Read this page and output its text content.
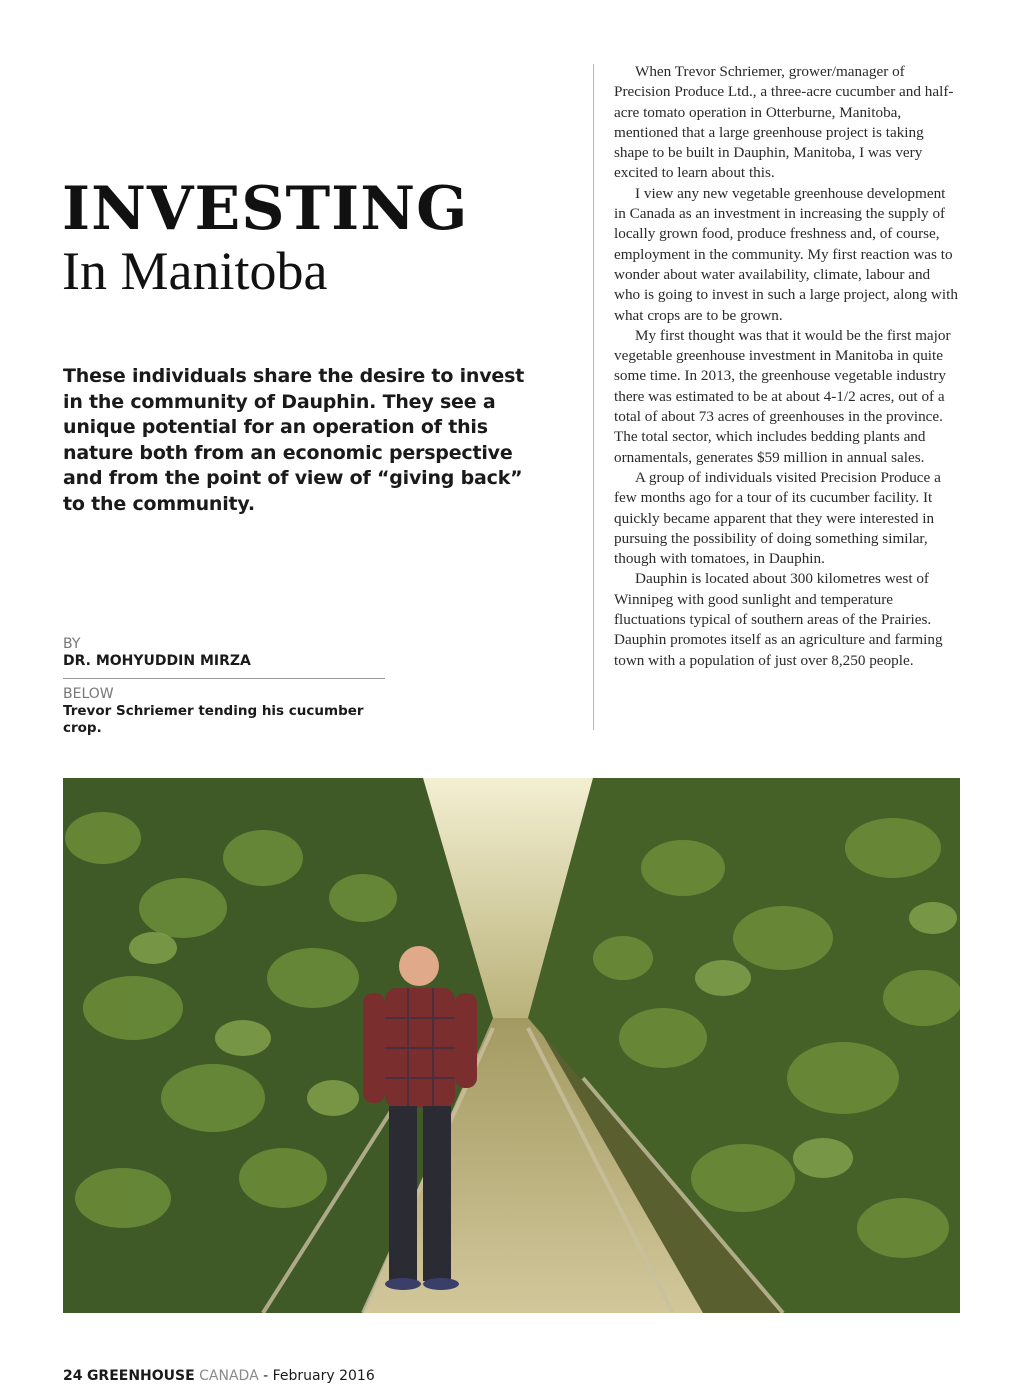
INVESTING
In Manitoba
These individuals share the desire to invest in the community of Dauphin. They see a unique potential for an operation of this nature both from an economic perspective and from the point of view of “giving back” to the community.
BY
DR. MOHYUDDIN MIRZA
BELOW
Trevor Schriemer tending his cucumber crop.

When Trevor Schriemer, grower/manager of Precision Produce Ltd., a three-acre cucumber and half-acre tomato operation in Otterburne, Manitoba, mentioned that a large greenhouse project is taking shape to be built in Dauphin, Manitoba, I was very excited to learn about this.

I view any new vegetable greenhouse development in Canada as an investment in increasing the supply of locally grown food, produce freshness and, of course, employment in the community. My first reaction was to wonder about water availability, climate, labour and who is going to invest in such a large project, along with what crops are to be grown.

My first thought was that it would be the first major vegetable greenhouse investment in Manitoba in quite some time. In 2013, the greenhouse vegetable industry there was estimated to be at about 4-1/2 acres, out of a total of about 73 acres of greenhouses in the province. The total sector, which includes bedding plants and ornamentals, generates $59 million in annual sales.

A group of individuals visited Precision Produce a few months ago for a tour of its cucumber facility. It quickly became apparent that they were interested in pursuing the possibility of doing something similar, though with tomatoes, in Dauphin.

Dauphin is located about 300 kilometres west of Winnipeg with good sunlight and temperature fluctuations typical of southern areas of the Prairies. Dauphin promotes itself as an agriculture and farming town with a population of just over 8,250 people.

24 GREENHOUSE CANADA - February 2016
